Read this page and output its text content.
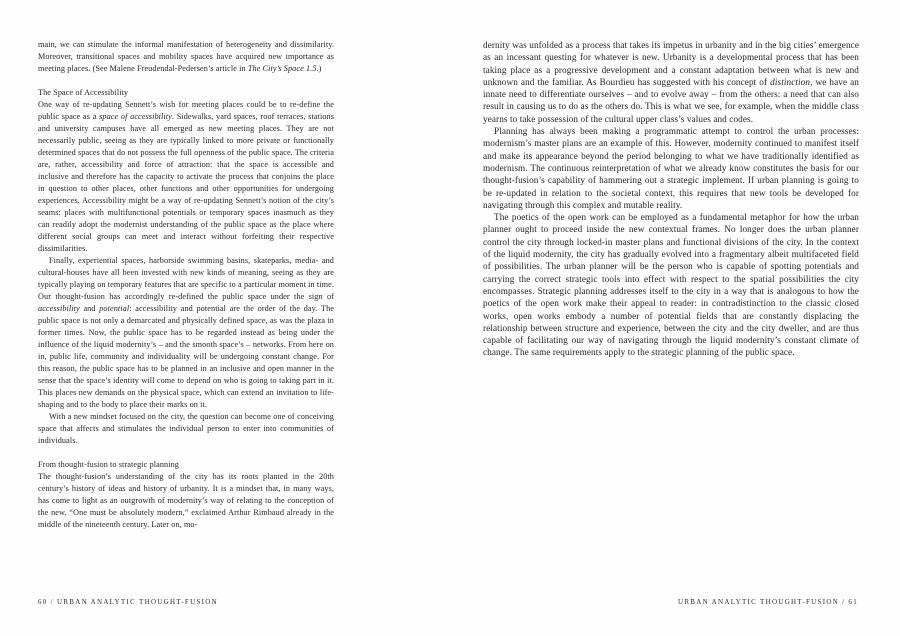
main, we can stimulate the informal manifestation of heterogeneity and dissimilarity. Moreover, transitional spaces and mobility spaces have acquired new importance as meeting places. (See Malene Freudendal-Pedersen’s article in The City’s Space 1.5.)

The Space of Accessibility

One way of re-updating Sennett’s wish for meeting places could be to re-define the public space as a space of accessibility. Sidewalks, yard spaces, roof terraces, stations and university campuses have all emerged as new meeting places. They are not necessarily public, seeing as they are typically linked to more private or functionally determined spaces that do not possess the full openness of the public space. The criteria are, rather, accessibility and force of attraction: that the space is accessible and inclusive and therefore has the capacity to activate the process that conjoins the place in question to other places, other functions and other opportunities for undergoing experiences. Accessibility might be a way of re-updating Sennett’s notion of the city’s seams: places with multifunctional potentials or temporary spaces inasmuch as they can readily adopt the modernist understanding of the public space as the place where different social groups can meet and interact without forfeiting their respective dissimilarities.

Finally, experiential spaces, harborside swimming basins, skateparks, media- and cultural-houses have all been invested with new kinds of meaning, seeing as they are typically playing on temporary features that are specific to a particular moment in time. Our thought-fusion has accordingly re-defined the public space under the sign of accessibility and potential: accessibility and potential are the order of the day. The public space is not only a demarcated and physically defined space, as was the plaza in former times. Now, the public space has to be regarded instead as being under the influence of the liquid modernity’s – and the smooth space’s – networks. From here on in, public life, community and individuality will be undergoing constant change. For this reason, the public space has to be planned in an inclusive and open manner in the sense that the space’s identity will come to depend on who is going to taking part in it. This places new demands on the physical space, which can extend an invitation to life-shaping and to the body to place their marks on it.

With a new mindset focused on the city, the question can become one of conceiving space that affects and stimulates the individual person to enter into communities of individuals.

From thought-fusion to strategic planning

The thought-fusion’s understanding of the city has its roots planted in the 20th century’s history of ideas and history of urbanity. It is a mindset that, in many ways, has come to light as an outgrowth of modernity’s way of relating to the conception of the new. “One must be absolutely modern,” exclaimed Arthur Rimbaud already in the middle of the nineteenth century. Later on, mo-

60 / URBAN ANALYTIC THOUGHT-FUSION

dernity was unfolded as a process that takes its impetus in urbanity and in the big cities’ emergence as an incessant questing for whatever is new. Urbanity is a developmental process that has been taking place as a progressive development and a constant adaptation between what is new and unknown and the familiar. As Bourdieu has suggested with his concept of distinction, we have an innate need to differentiate ourselves – and to evolve away – from the others: a need that can also result in causing us to do as the others do. This is what we see, for example, when the middle class yearns to take possession of the cultural upper class’s values and codes.

Planning has always been making a programmatic attempt to control the urban processes: modernism’s master plans are an example of this. However, modernity continued to manifest itself and make its appearance beyond the period belonging to what we have traditionally identified as modernism. The continuous reinterpretation of what we already know constitutes the basis for our thought-fusion’s capability of hammering out a strategic implement. If urban planning is going to be re-updated in relation to the societal context, this requires that new tools be developed for navigating through this complex and mutable reality.

The poetics of the open work can be employed as a fundamental metaphor for how the urban planner ought to proceed inside the new contextual frames. No longer does the urban planner control the city through locked-in master plans and functional divisions of the city. In the context of the liquid modernity, the city has gradually evolved into a fragmentary albeit multifaceted field of possibilities. The urban planner will be the person who is capable of spotting potentials and carrying the correct strategic tools into effect with respect to the spatial possibilities the city encompasses. Strategic planning addresses itself to the city in a way that is analogous to how the poetics of the open work make their appeal to reader: in contradistinction to the classic closed works, open works embody a number of potential fields that are constantly displacing the relationship between structure and experience, between the city and the city dweller, and are thus capable of facilitating our way of navigating through the liquid modernity’s constant climate of change. The same requirements apply to the strategic planning of the public space.

URBAN ANALYTIC THOUGHT-FUSION / 61
